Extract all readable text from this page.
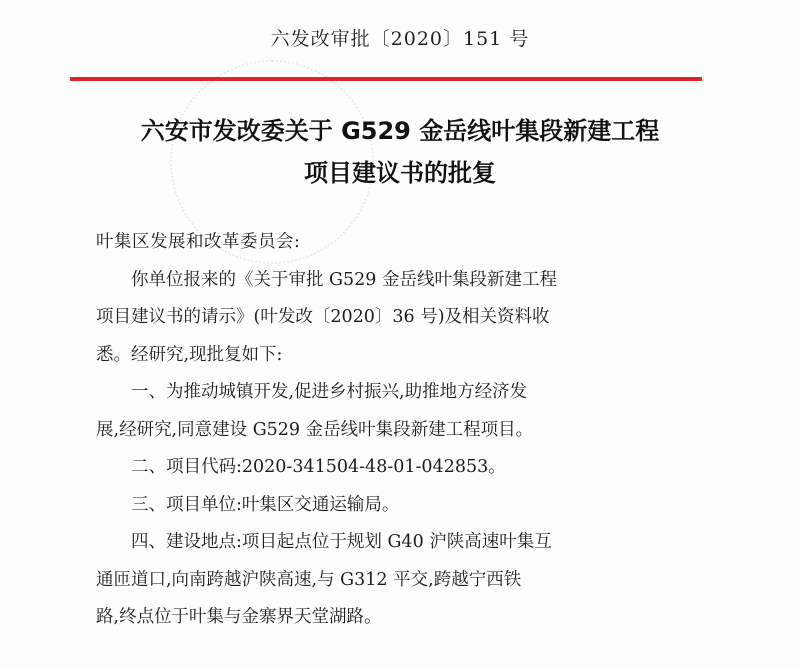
六发改审批〔2020〕151 号
六安市发改委关于 G529 金岳线叶集段新建工程
项目建议书的批复
叶集区发展和改革委员会:
你单位报来的《关于审批 G529 金岳线叶集段新建工程
项目建议书的请示》(叶发改〔2020〕36 号)及相关资料收
悉。经研究,现批复如下:
一、为推动城镇开发,促进乡村振兴,助推地方经济发
展,经研究,同意建设 G529 金岳线叶集段新建工程项目。
二、项目代码:2020-341504-48-01-042853。
三、项目单位:叶集区交通运输局。
四、建设地点:项目起点位于规划 G40 沪陕高速叶集互
通匝道口,向南跨越沪陕高速,与 G312 平交,跨越宁西铁
路,终点位于叶集与金寨界天堂湖路。
